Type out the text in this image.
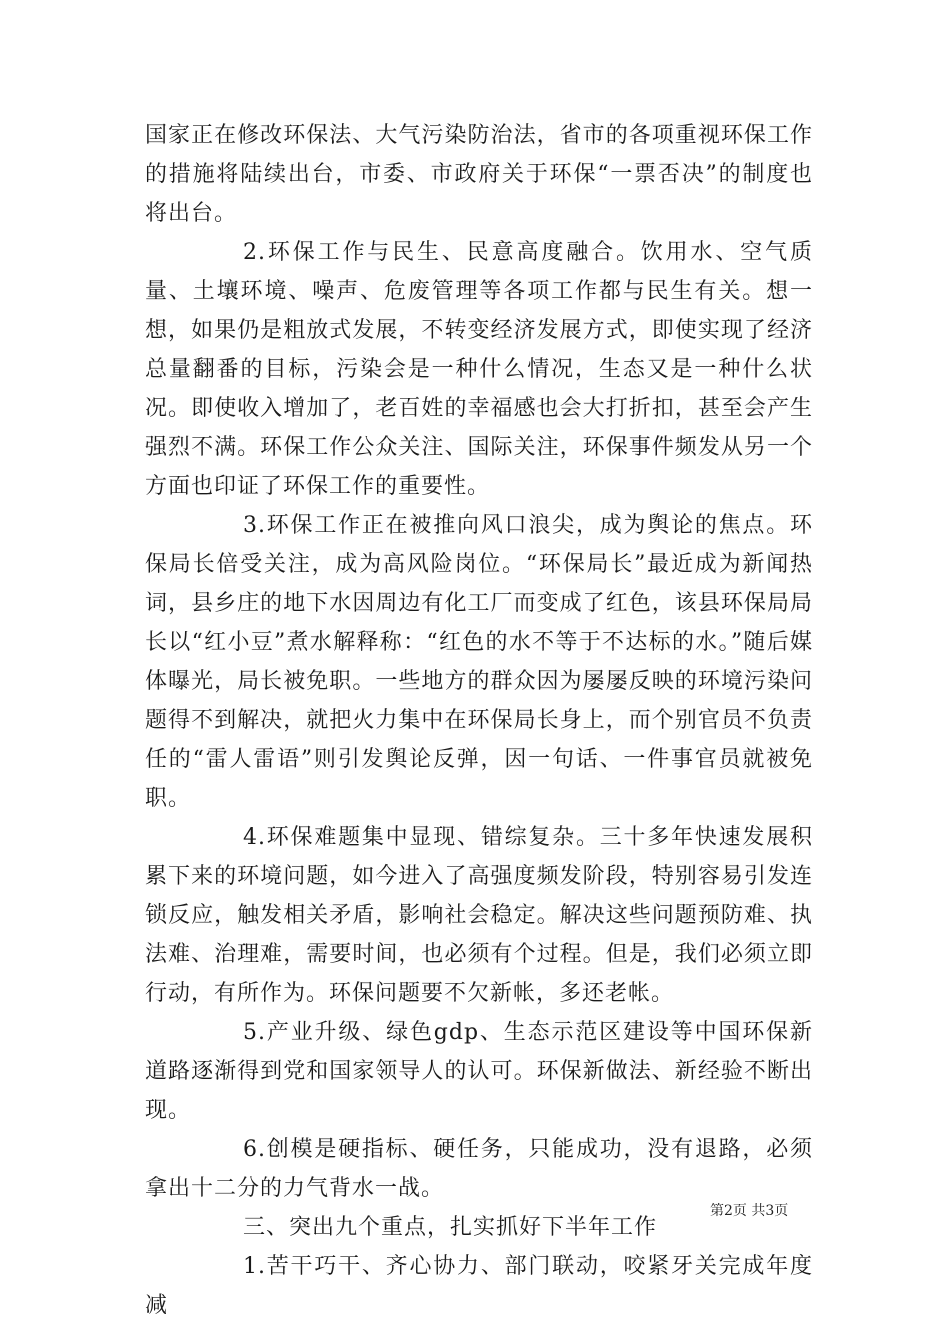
国家正在修改环保法、大气污染防治法，省市的各项重视环保工作的措施将陆续出台，市委、市政府关于环保“一票否决”的制度也将出台。

2.环保工作与民生、民意高度融合。饮用水、空气质量、土壤环境、噪声、危废管理等各项工作都与民生有关。想一想，如果仍是粗放式发展，不转变经济发展方式，即使实现了经济总量翻番的目标，污染会是一种什么情况，生态又是一种什么状况。即使收入增加了，老百姓的幸福感也会大打折扣，甚至会产生强烈不满。环保工作公众关注、国际关注，环保事件频发从另一个方面也印证了环保工作的重要性。

3.环保工作正在被推向风口浪尖，成为舆论的焦点。环保局长倍受关注，成为高风险岗位。“环保局长”最近成为新闻热词，县乡庄的地下水因周边有化工厂而变成了红色，该县环保局局长以“红小豆”煮水解释称：“红色的水不等于不达标的水。”随后媒体曝光，局长被免职。一些地方的群众因为屡屡反映的环境污染问题得不到解决，就把火力集中在环保局长身上，而个别官员不负责任的“雷人雷语”则引发舆论反弹，因一句话、一件事官员就被免职。

4.环保难题集中显现、错综复杂。三十多年快速发展积累下来的环境问题，如今进入了高强度频发阶段，特别容易引发连锁反应，触发相关矛盾，影响社会稳定。解决这些问题预防难、执法难、治理难，需要时间，也必须有个过程。但是，我们必须立即行动，有所作为。环保问题要不欠新帐，多还老帐。

5.产业升级、绿色gdp、生态示范区建设等中国环保新道路逐渐得到党和国家领导人的认可。环保新做法、新经验不断出现。

6.创模是硬指标、硬任务，只能成功，没有退路，必须拿出十二分的力气背水一战。

三、突出九个重点，扎实抓好下半年工作

1.苦干巧干、齐心协力、部门联动，咬紧牙关完成年度减

第2页 共3页
